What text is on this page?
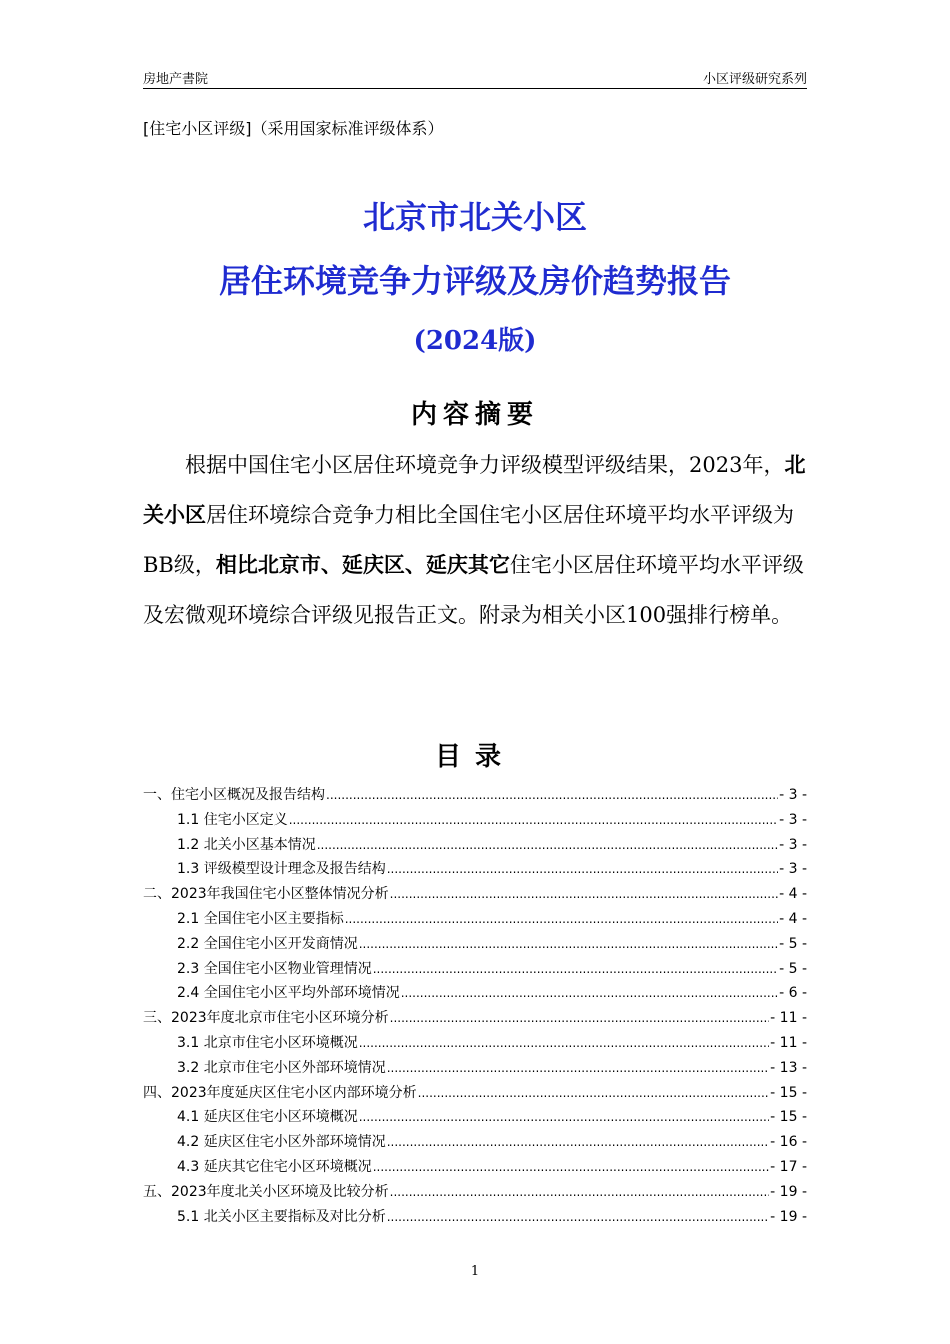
房地产書院	小区评级研究系列
[住宅小区评级]（采用国家标准评级体系）
北京市北关小区
居住环境竞争力评级及房价趋势报告
(2024版)
内容摘要

根据中国住宅小区居住环境竞争力评级模型评级结果，2023年，北关小区居住环境综合竞争力相比全国住宅小区居住环境平均水平评级为BB级，相比北京市、延庆区、延庆其它住宅小区居住环境平均水平评级及宏微观环境综合评级见报告正文。附录为相关小区100强排行榜单。

目录
一、住宅小区概况及报告结构 .....	- 3 -
1.1 住宅小区定义 .....	- 3 -
1.2 北关小区基本情况 .....	- 3 -
1.3 评级模型设计理念及报告结构 .....	- 3 -
二、2023年我国住宅小区整体情况分析 .....	- 4 -
2.1 全国住宅小区主要指标 .....	- 4 -
2.2 全国住宅小区开发商情况 .....	- 5 -
2.3 全国住宅小区物业管理情况 .....	- 5 -
2.4 全国住宅小区平均外部环境情况 .....	- 6 -
三、2023年度北京市住宅小区环境分析 .....	- 11 -
3.1 北京市住宅小区环境概况 .....	- 11 -
3.2 北京市住宅小区外部环境情况 .....	- 13 -
四、2023年度延庆区住宅小区内部环境分析 .....	- 15 -
4.1 延庆区住宅小区环境概况 .....	- 15 -
4.2 延庆区住宅小区外部环境情况 .....	- 16 -
4.3 延庆其它住宅小区环境概况 .....	- 17 -
五、2023年度北关小区环境及比较分析 .....	- 19 -
5.1 北关小区主要指标及对比分析 .....	- 19 -
1
